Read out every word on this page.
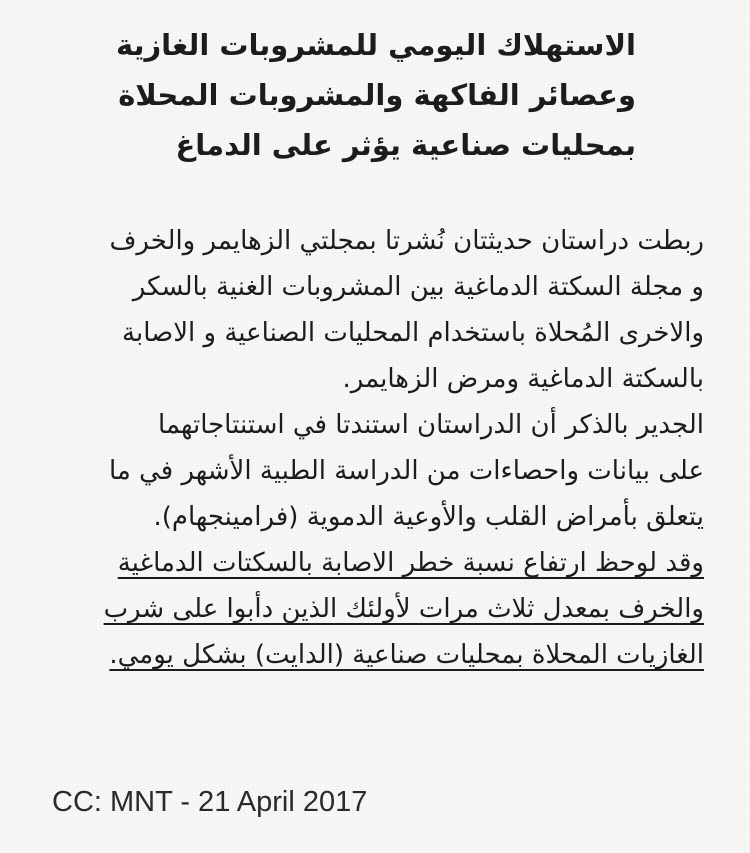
الاستهلاك اليومي للمشروبات الغازية
وعصائر الفاكهة والمشروبات المحلاة
بمحليات صناعية يؤثر على الدماغ
ربطت دراستان حديثتان نُشرتا بمجلتي الزهايمر والخرف
و مجلة السكتة الدماغية بين المشروبات الغنية بالسكر
والاخرى المُحلاة باستخدام المحليات الصناعية و الاصابة
بالسكتة الدماغية ومرض الزهايمر.
الجدير بالذكر أن الدراستان استندتا في استنتاجاتهما
على بيانات واحصاءات من الدراسة الطبية الأشهر في ما
يتعلق بأمراض القلب والأوعية الدموية (فرامينجهام).
وقد لوحظ ارتفاع نسبة خطر الاصابة بالسكتات الدماغية
والخرف بمعدل ثلاث مرات لأولئك الذين دأبوا على شرب
الغازيات المحلاة بمحليات صناعية (الدايت) بشكل يومي.
CC: MNT - 21 April 2017
